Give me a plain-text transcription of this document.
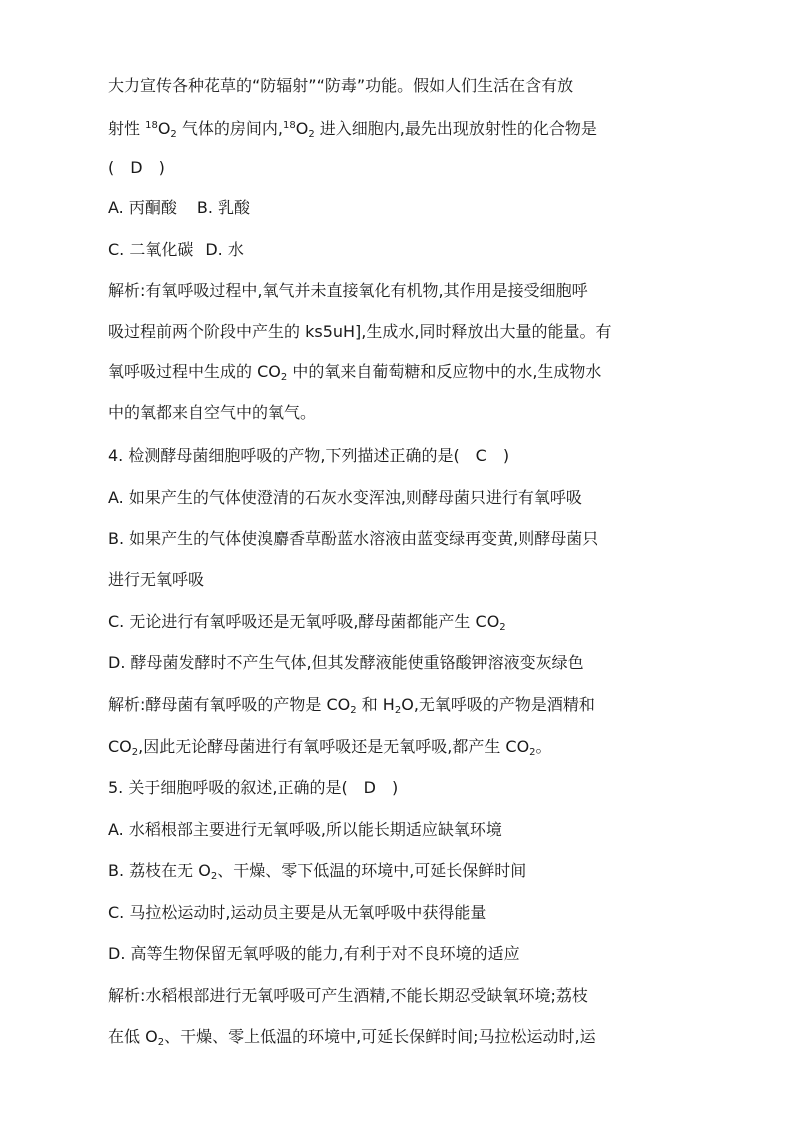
大力宣传各种花草的“防辐射”“防毒”功能。假如人们生活在含有放
射性 $^{18}O_2$ 气体的房间内$,^{18}O_2$ 进入细胞内,最先出现放射性的化合物是
(　D　)
A. 丙酮酸 B. 乳酸
C. 二氧化碳 D. 水
解析:有氧呼吸过程中,氧气并未直接氧化有机物,其作用是接受细胞呼
吸过程前两个阶段中产生的 ks5uH],生成水,同时释放出大量的能量。有
氧呼吸过程中生成的 $CO_2$ 中的氧来自葡萄糖和反应物中的水,生成物水
中的氧都来自空气中的氧气。
4. 检测酵母菌细胞呼吸的产物,下列描述正确的是(　C　)
A. 如果产生的气体使澄清的石灰水变浑浊,则酵母菌只进行有氧呼吸
B. 如果产生的气体使溴麝香草酚蓝水溶液由蓝变绿再变黄,则酵母菌只
进行无氧呼吸
C. 无论进行有氧呼吸还是无氧呼吸,酵母菌都能产生 $CO_2$
D. 酵母菌发酵时不产生气体,但其发酵液能使重铬酸钾溶液变灰绿色
解析:酵母菌有氧呼吸的产物是 $CO_2$ 和 $H_2O$,无氧呼吸的产物是酒精和
$CO_2$,因此无论酵母菌进行有氧呼吸还是无氧呼吸,都产生 $CO_2$。
5. 关于细胞呼吸的叙述,正确的是(　D　)
A. 水稻根部主要进行无氧呼吸,所以能长期适应缺氧环境
B. 荔枝在无 $O_2$、干燥、零下低温的环境中,可延长保鲜时间
C. 马拉松运动时,运动员主要是从无氧呼吸中获得能量
D. 高等生物保留无氧呼吸的能力,有利于对不良环境的适应
解析:水稻根部进行无氧呼吸可产生酒精,不能长期忍受缺氧环境;荔枝
在低 $O_2$、干燥、零上低温的环境中,可延长保鲜时间;马拉松运动时,运
